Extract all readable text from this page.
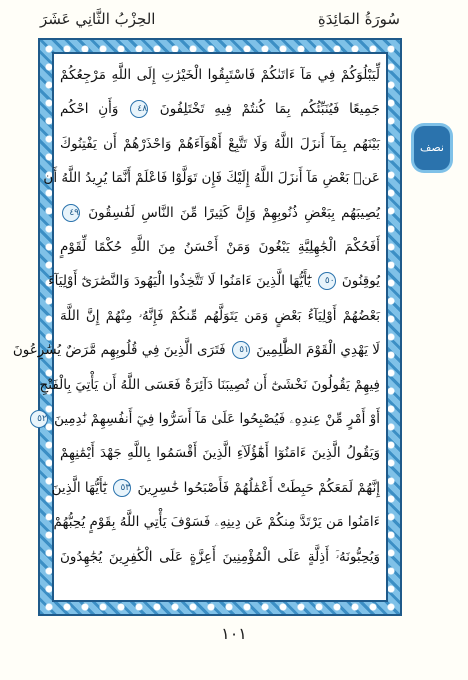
سُورَةُ المَائِدَةِ
الحِزْبُ الثَّانِي عَشَرَ
لِّيَبْلُوَكُمْ فِي مَآ ءَاتَىٰكُمْ فَاسْتَبِقُوا الْخَيْرَٰتِ إِلَى اللَّهِ مَرْجِعُكُمْ
جَمِيعًا فَيُنَبِّئُكُم بِمَا كُنتُمْ فِيهِ تَخْتَلِفُونَ ٤٨ وَأَنِ احْكُم
بَيْنَهُم بِمَآ أَنزَلَ اللَّهُ وَلَا تَتَّبِعْ أَهْوَآءَهُمْ وَاحْذَرْهُمْ أَن يَفْتِنُوكَ
عَنۢ بَعْضِ مَآ أَنزَلَ اللَّهُ إِلَيْكَ فَإِن تَوَلَّوْا فَاعْلَمْ أَنَّمَا يُرِيدُ اللَّهُ أَن
يُصِيبَهُم بِبَعْضِ ذُنُوبِهِمْ وَإِنَّ كَثِيرًا مِّنَ النَّاسِ لَفَٰسِقُونَ ٤٩
أَفَحُكْمَ الْجَٰهِلِيَّةِ يَبْغُونَ وَمَنْ أَحْسَنُ مِنَ اللَّهِ حُكْمًا لِّقَوْمٍ
يُوقِنُونَ ٥٠ يَٰٓأَيُّهَا الَّذِينَ ءَامَنُوا لَا تَتَّخِذُوا الْيَهُودَ وَالنَّصَٰرَىٰٓ أَوْلِيَآءَ
بَعْضُهُمْ أَوْلِيَآءُ بَعْضٍ وَمَن يَتَوَلَّهُم مِّنكُمْ فَإِنَّهُۥ مِنْهُمْ إِنَّ اللَّهَ
لَا يَهْدِي الْقَوْمَ الظَّٰلِمِينَ ٥١ فَتَرَى الَّذِينَ فِي قُلُوبِهِم مَّرَضٌ يُسَٰرِعُونَ
فِيهِمْ يَقُولُونَ نَخْشَىٰٓ أَن تُصِيبَنَا دَآئِرَةٌ فَعَسَى اللَّهُ أَن يَأْتِيَ بِالْفَتْحِ
أَوْ أَمْرٍ مِّنْ عِندِهِۦ فَيُصْبِحُوا عَلَىٰ مَآ أَسَرُّوا فِيٓ أَنفُسِهِمْ نَٰدِمِينَ ٥٢
وَيَقُولُ الَّذِينَ ءَامَنُوٓا أَهَٰٓؤُلَآءِ الَّذِينَ أَقْسَمُوا بِاللَّهِ جَهْدَ أَيْمَٰنِهِمْ
إِنَّهُمْ لَمَعَكُمْ حَبِطَتْ أَعْمَٰلُهُمْ فَأَصْبَحُوا خَٰسِرِينَ ٥٣ يَٰٓأَيُّهَا الَّذِينَ
ءَامَنُوا مَن يَرْتَدَّ مِنكُمْ عَن دِينِهِۦ فَسَوْفَ يَأْتِي اللَّهُ بِقَوْمٍ يُحِبُّهُمْ
وَيُحِبُّونَهُۥٓ أَذِلَّةٍ عَلَى الْمُؤْمِنِينَ أَعِزَّةٍ عَلَى الْكَٰفِرِينَ يُجَٰهِدُونَ
نصف
١٠١
